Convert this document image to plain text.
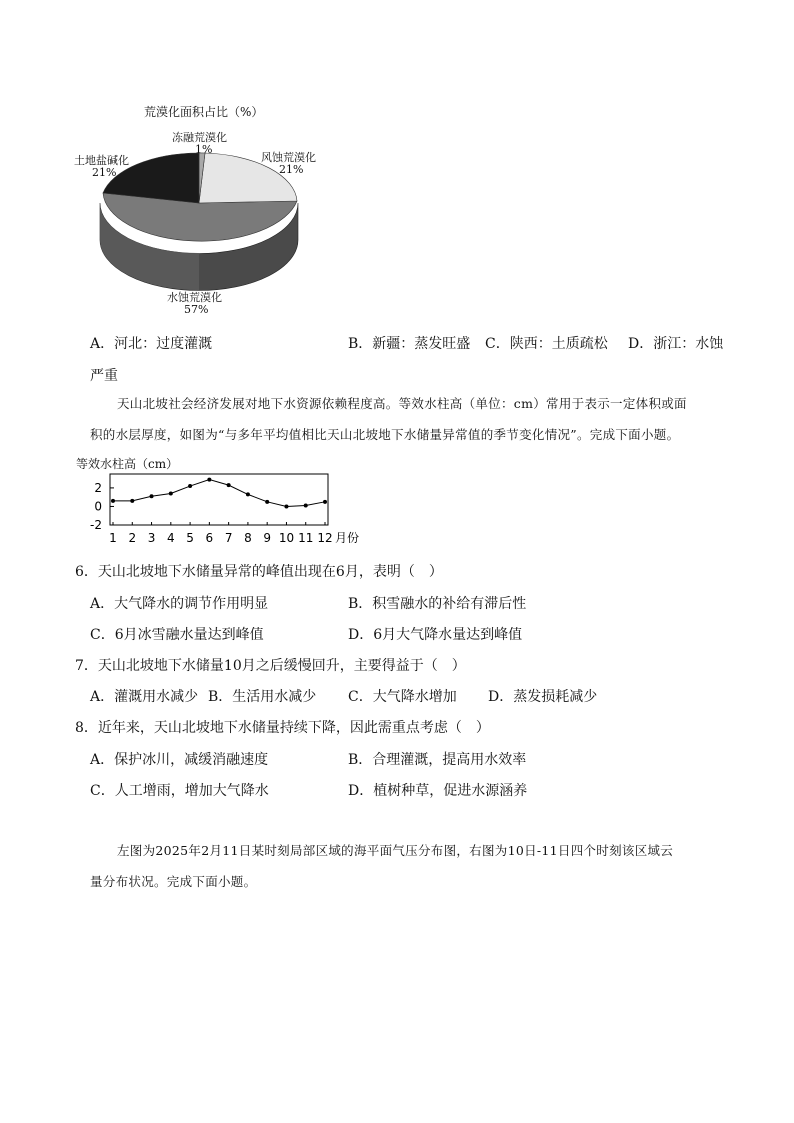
荒漠化面积占比（%）
冻融荒漠化
1%
风蚀荒漠化
21%
土地盐碱化
21%
水蚀荒漠化
57%
A．河北：过度灌溉	B．新疆：蒸发旺盛 C．陕西：土质疏松 D．浙江：水蚀
严重
天山北坡社会经济发展对地下水资源依赖程度高。等效水柱高（单位：cm）常用于表示一定体积或面
积的水层厚度，如图为“与多年平均值相比天山北坡地下水储量异常值的季节变化情况”。完成下面小题。
等效水柱高（cm）
-2
0
2
1 2 3 4 5 6 7 8 9 10 11 12 月份
6．天山北坡地下水储量异常的峰值出现在6月，表明（　）
A．大气降水的调节作用明显	B．积雪融水的补给有滞后性
C．6月冰雪融水量达到峰值	D．6月大气降水量达到峰值
7．天山北坡地下水储量10月之后缓慢回升，主要得益于（　）
A．灌溉用水减少 B．生活用水减少 C．大气降水增加 D．蒸发损耗减少
8．近年来，天山北坡地下水储量持续下降，因此需重点考虑（　）
A．保护冰川，减缓消融速度	B．合理灌溉，提高用水效率
C．人工增雨，增加大气降水	D．植树种草，促进水源涵养
左图为2025年2月11日某时刻局部区域的海平面气压分布图，右图为10日-11日四个时刻该区域云
量分布状况。完成下面小题。
